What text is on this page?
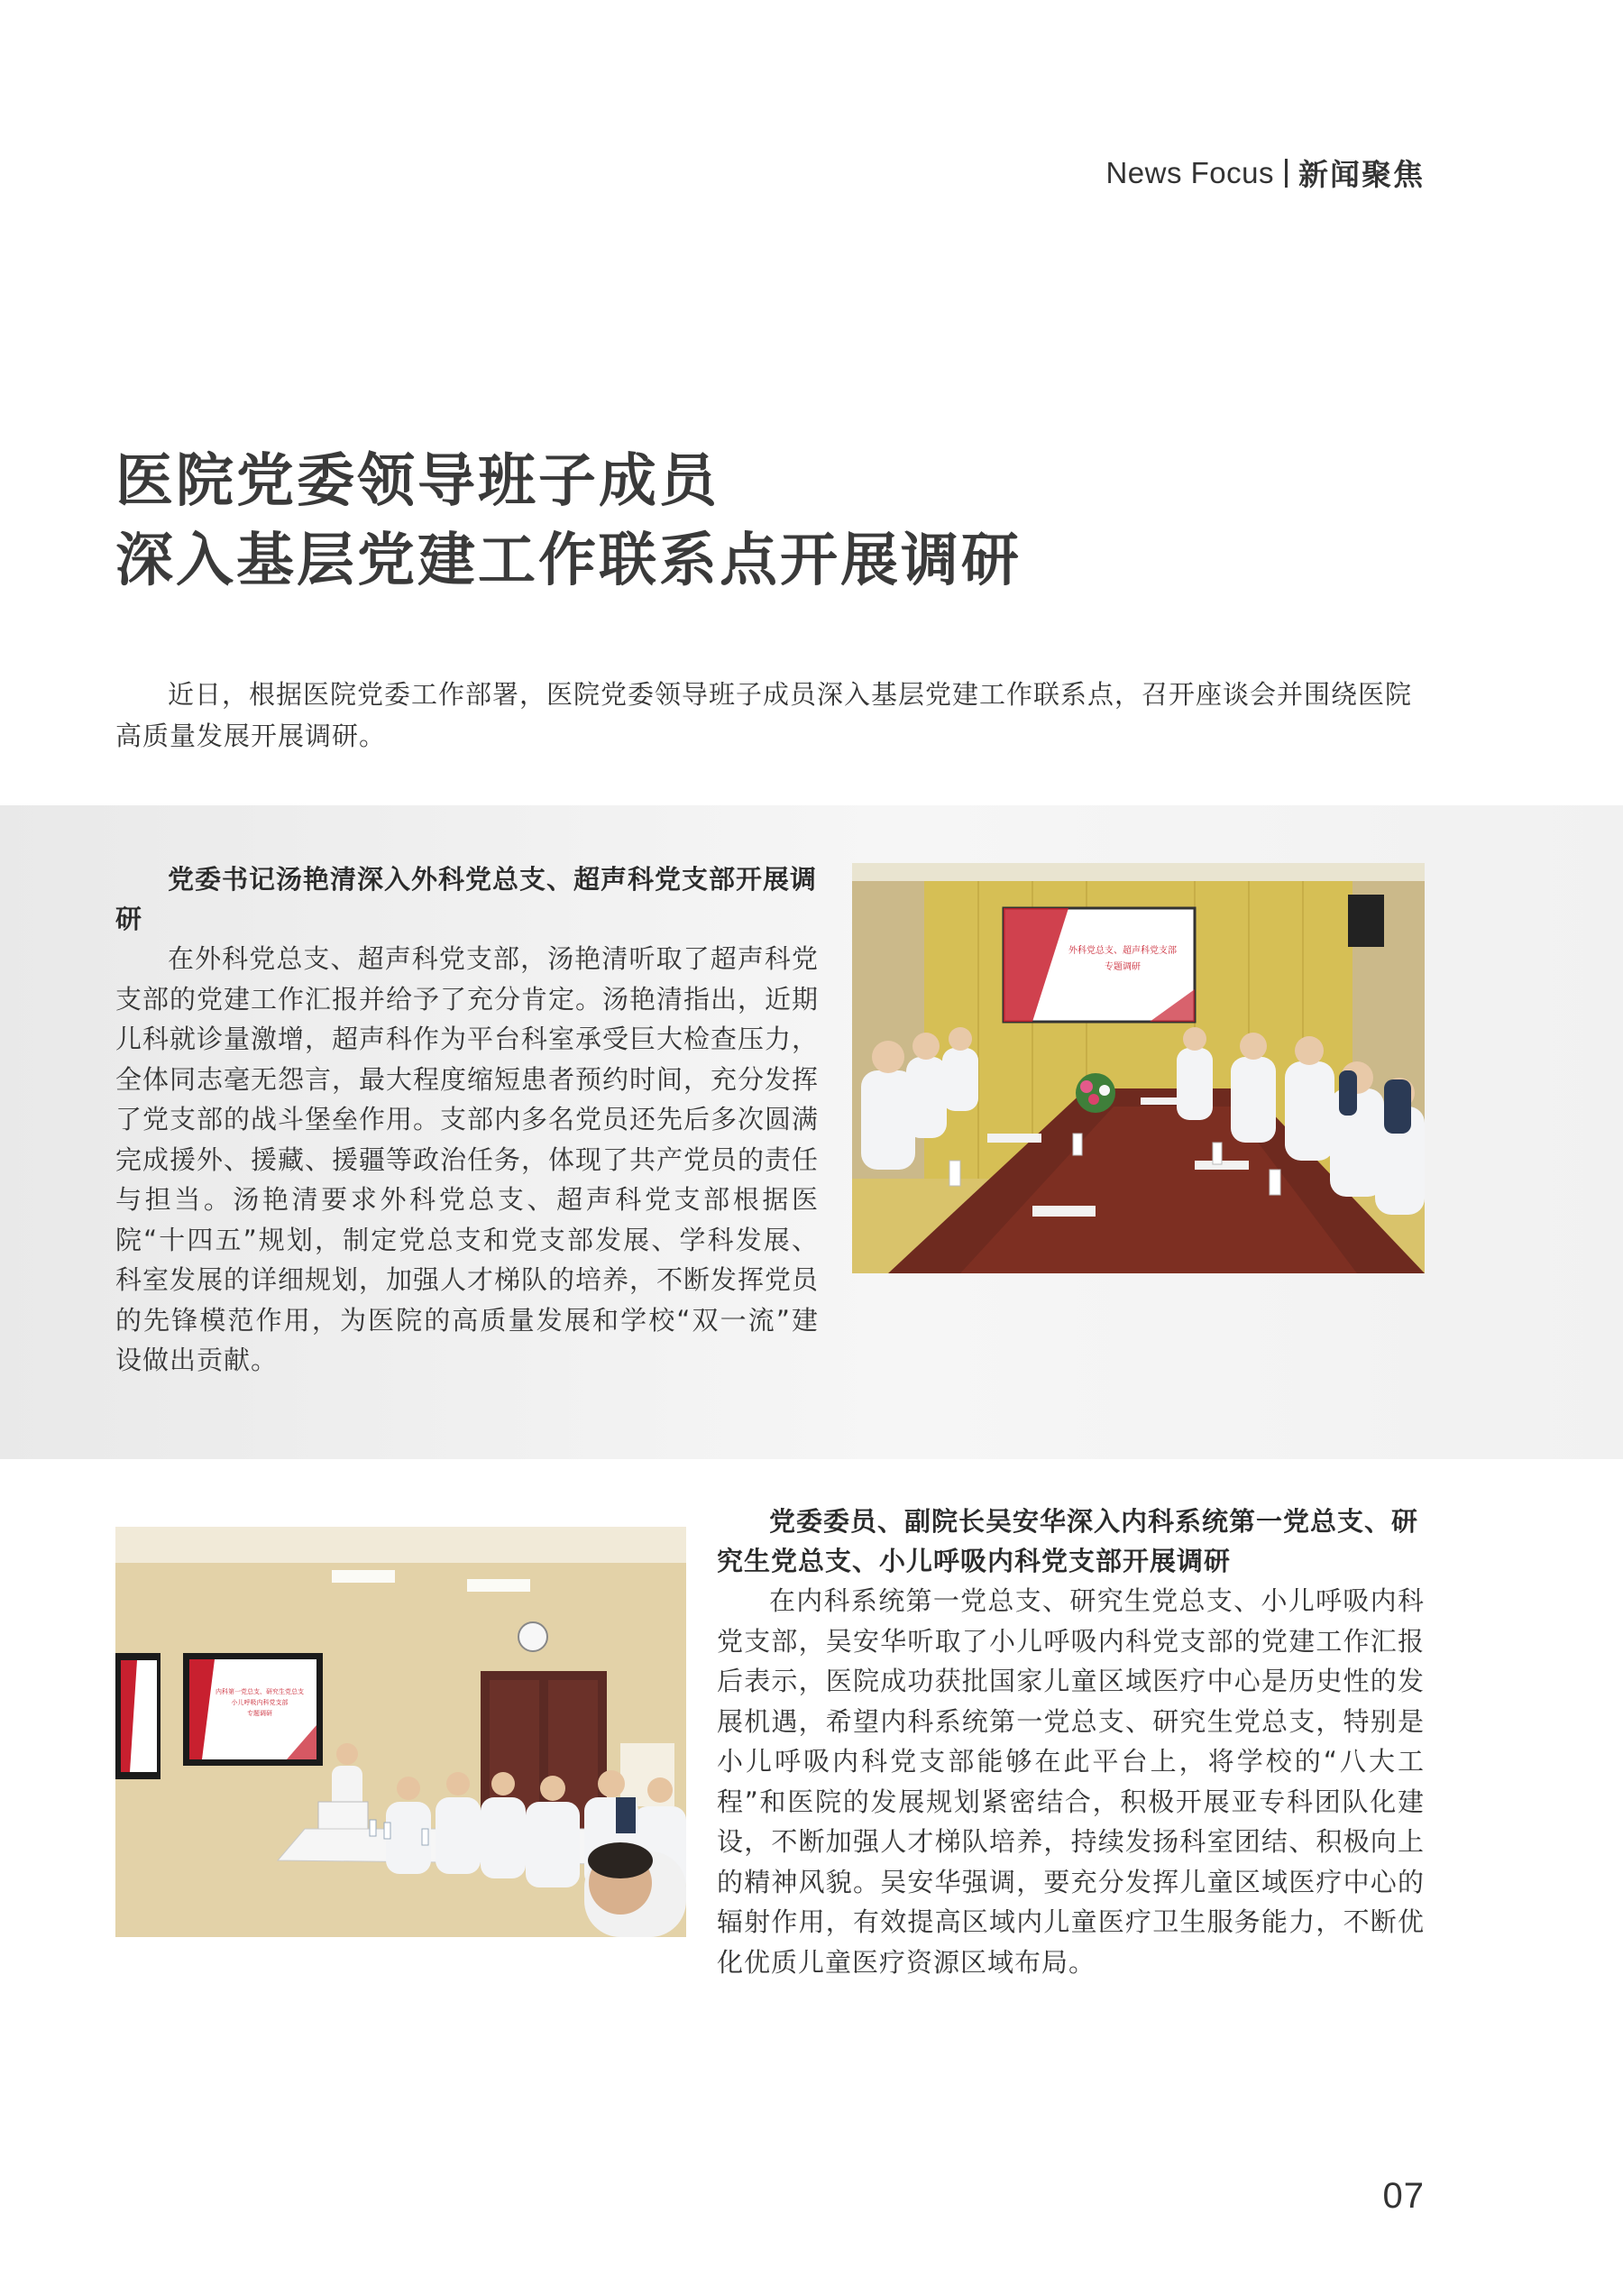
News Focus 新闻聚焦
医院党委领导班子成员
深入基层党建工作联系点开展调研

近日，根据医院党委工作部署，医院党委领导班子成员深入基层党建工作联系点，召开座谈会并围绕医院高质量发展开展调研。

党委书记汤艳清深入外科党总支、超声科党支部开展调研

在外科党总支、超声科党支部，汤艳清听取了超声科党支部的党建工作汇报并给予了充分肯定。汤艳清指出，近期儿科就诊量激增，超声科作为平台科室承受巨大检查压力，全体同志毫无怨言，最大程度缩短患者预约时间，充分发挥了党支部的战斗堡垒作用。支部内多名党员还先后多次圆满完成援外、援藏、援疆等政治任务，体现了共产党员的责任与担当。汤艳清要求外科党总支、超声科党支部根据医院“十四五”规划，制定党总支和党支部发展、学科发展、科室发展的详细规划，加强人才梯队的培养，不断发挥党员的先锋模范作用，为医院的高质量发展和学校“双一流”建设做出贡献。

外科党总支、超声科党支部
专题调研
内科第一党总支、研究生党总支
小儿呼吸内科党支部
专题调研
党委委员、副院长吴安华深入内科系统第一党总支、研究生党总支、小儿呼吸内科党支部开展调研

在内科系统第一党总支、研究生党总支、小儿呼吸内科党支部，吴安华听取了小儿呼吸内科党支部的党建工作汇报后表示，医院成功获批国家儿童区域医疗中心是历史性的发展机遇，希望内科系统第一党总支、研究生党总支，特别是小儿呼吸内科党支部能够在此平台上，将学校的“八大工程”和医院的发展规划紧密结合，积极开展亚专科团队化建设，不断加强人才梯队培养，持续发扬科室团结、积极向上的精神风貌。吴安华强调，要充分发挥儿童区域医疗中心的辐射作用，有效提高区域内儿童医疗卫生服务能力，不断优化优质儿童医疗资源区域布局。

07
